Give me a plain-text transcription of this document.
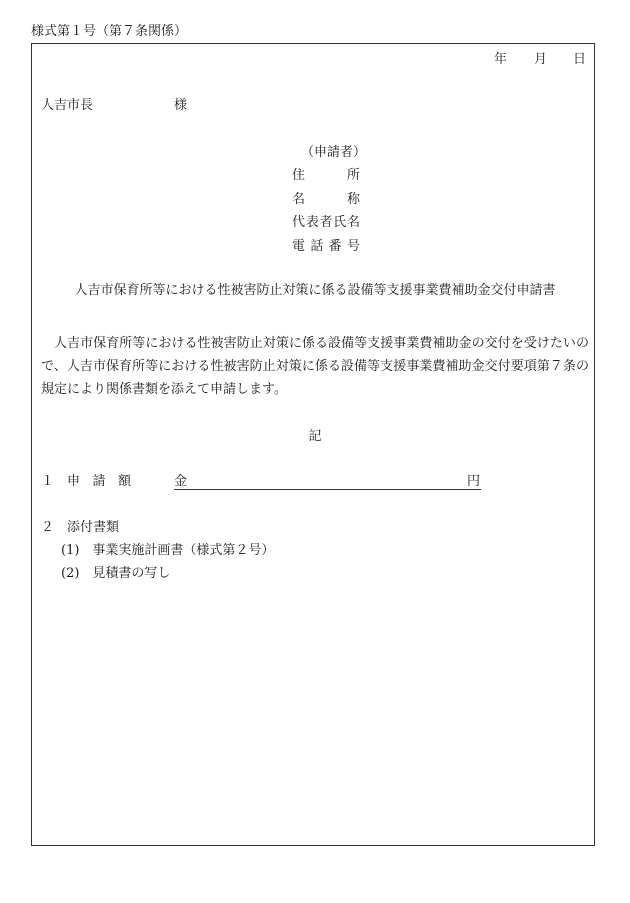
様式第１号（第７条関係）
年 月 日
人吉市長	様
（申請者）
住所
名称
代表者氏名
電話番号
人吉市保育所等における性被害防止対策に係る設備等支援事業費補助金交付申請書
人吉市保育所等における性被害防止対策に係る設備等支援事業費補助金の交付を受けたいので、人吉市保育所等における性被害防止対策に係る設備等支援事業費補助金交付要項第７条の規定により関係書類を添えて申請します。
記
１ 申請額	金	円
２ 添付書類
(1)　事業実施計画書（様式第２号）
(2)　見積書の写し
